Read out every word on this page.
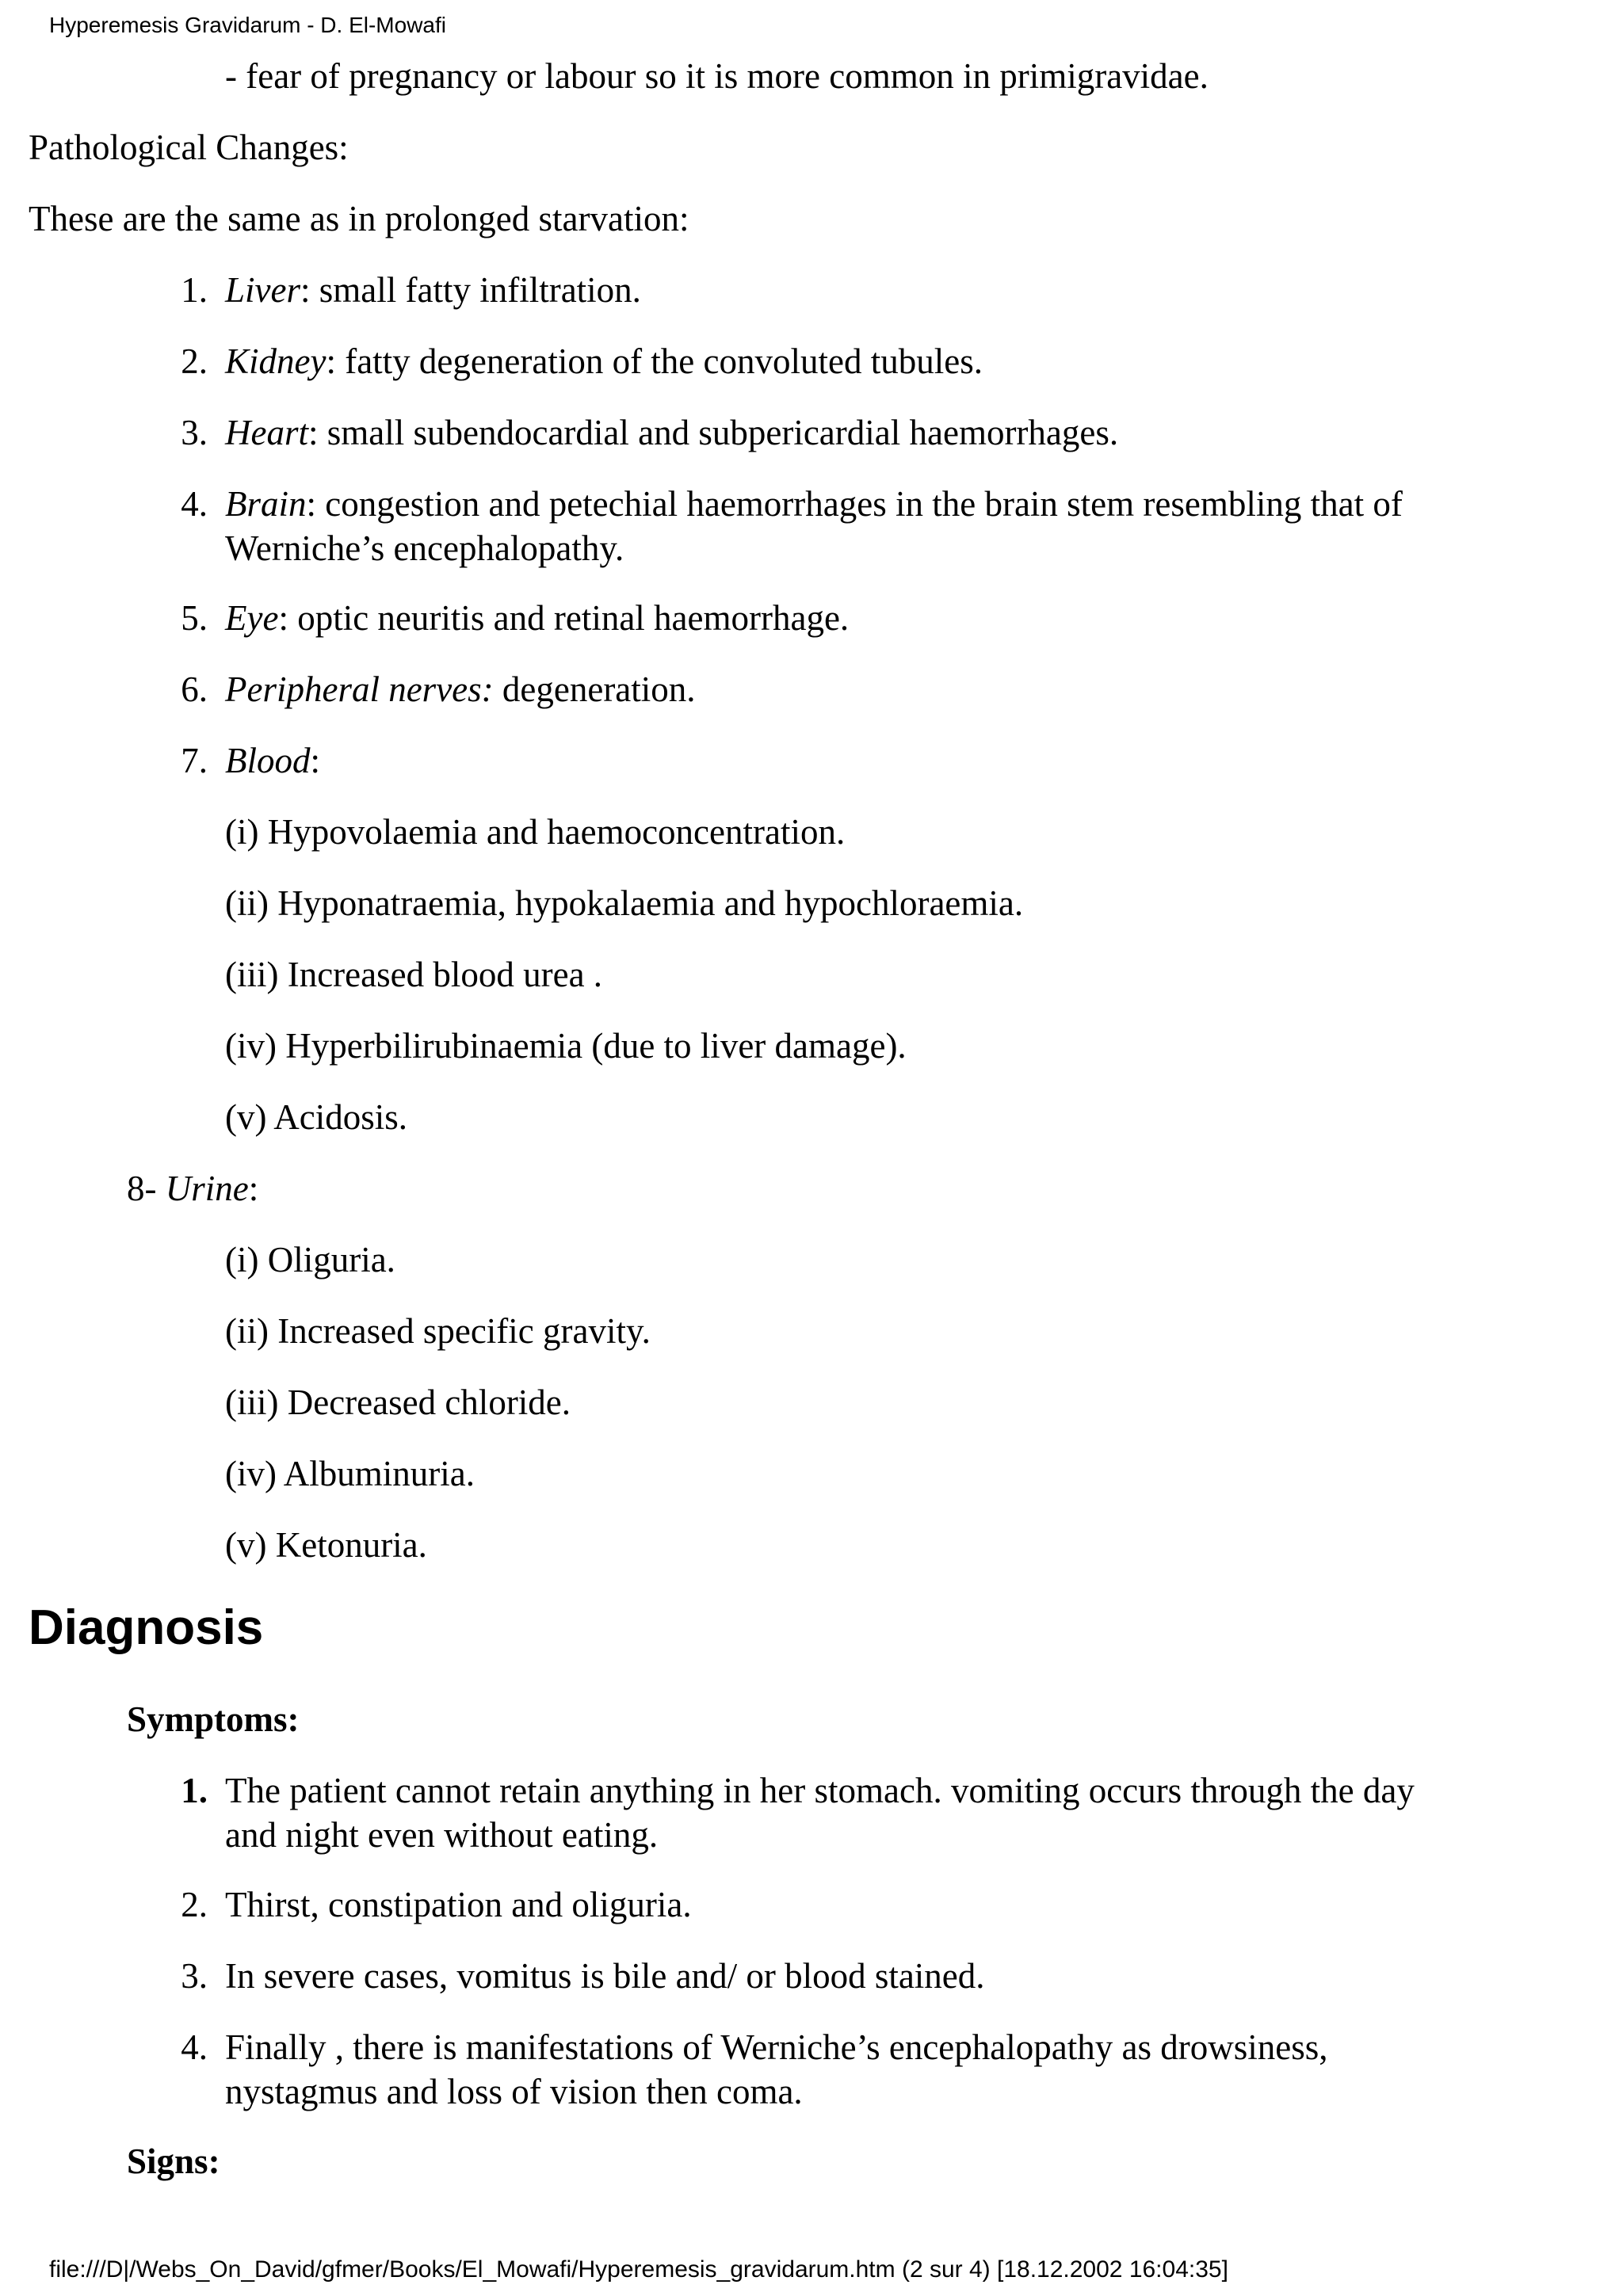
Hyperemesis Gravidarum - D. El-Mowafi
- fear of pregnancy or labour so it is more common in primigravidae.
Pathological Changes:
These are the same as in prolonged starvation:
1. Liver: small fatty infiltration.
2. Kidney: fatty degeneration of the convoluted tubules.
3. Heart: small subendocardial and subpericardial haemorrhages.
4. Brain: congestion and petechial haemorrhages in the brain stem resembling that of
Werniche’s encephalopathy.
5. Eye: optic neuritis and retinal haemorrhage.
6. Peripheral nerves: degeneration.
7. Blood:
(i) Hypovolaemia and haemoconcentration.
(ii) Hyponatraemia, hypokalaemia and hypochloraemia.
(iii) Increased blood urea .
(iv) Hyperbilirubinaemia (due to liver damage).
(v) Acidosis.
8- Urine:
(i) Oliguria.
(ii) Increased specific gravity.
(iii) Decreased chloride.
(iv) Albuminuria.
(v) Ketonuria.
Diagnosis
Symptoms:
1. The patient cannot retain anything in her stomach. vomiting occurs through the day
and night even without eating.
2. Thirst, constipation and oliguria.
3. In severe cases, vomitus is bile and/ or blood stained.
4. Finally , there is manifestations of Werniche’s encephalopathy as drowsiness,
nystagmus and loss of vision then coma.
Signs:
file:///D|/Webs_On_David/gfmer/Books/El_Mowafi/Hyperemesis_gravidarum.htm (2 sur 4) [18.12.2002 16:04:35]
